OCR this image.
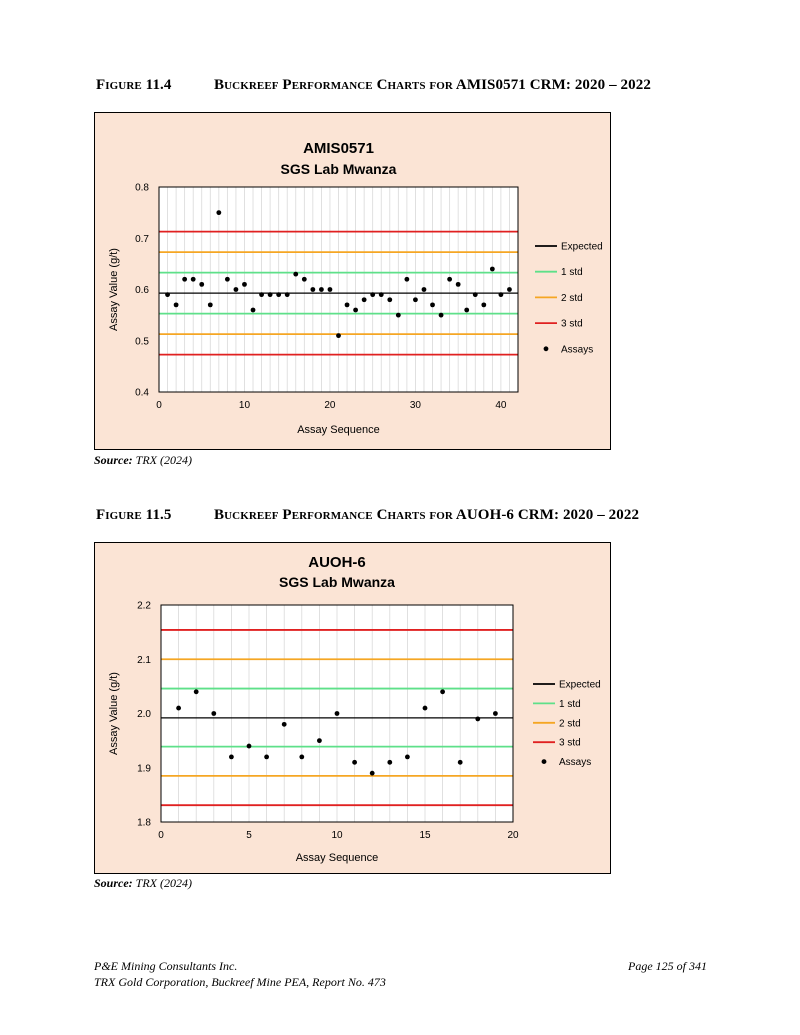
Figure 11.4	Buckreef Performance Charts for AMIS0571 CRM: 2020 – 2022
AMIS0571
SGS Lab Mwanza
0.4
0.5
0.6
0.7
0.8
0	10	20	30	40
Assay Sequence
Assay Value (g/t)
Expected
1 std
2 std
3 std
Assays
Source: TRX (2024)
Figure 11.5	Buckreef Performance Charts for AUOH-6 CRM: 2020 – 2022
AUOH-6
SGS Lab Mwanza
1.8
1.9
2.0
2.1
2.2
0	5	10	15	20
Assay Sequence
Assay Value (g/t)	Expected
1 std
2 std
3 std
Assays
Source: TRX (2024)
P&E Mining Consultants Inc.
TRX Gold Corporation, Buckreef Mine PEA, Report No. 473
Page 125 of 341
